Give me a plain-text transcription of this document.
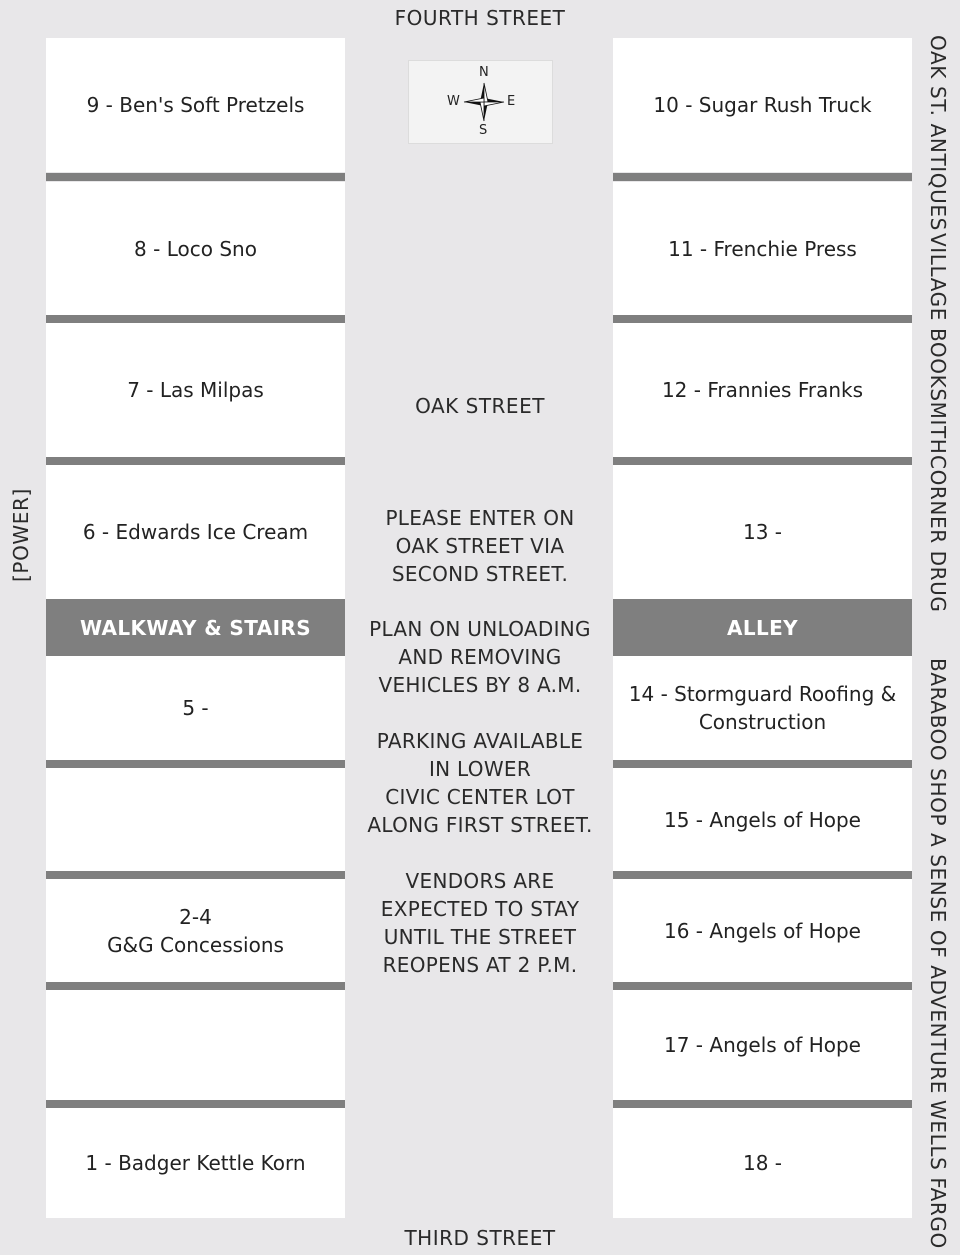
FOURTH STREET
THIRD STREET
OAK STREET
[POWER]
N
S
E
W
9 - Ben's Soft Pretzels
8 - Loco Sno
7 - Las Milpas
6 - Edwards Ice Cream
WALKWAY & STAIRS
5 -
2-4
G&G Concessions
1 - Badger Kettle Korn
10 - Sugar Rush Truck
11 - Frenchie Press
12 - Frannies Franks
13 -
ALLEY
14 - Stormguard Roofing &
Construction
15 - Angels of Hope
16 - Angels of Hope
17 - Angels of Hope
18 -
PLEASE ENTER ON
OAK STREET VIA
SECOND STREET.
PLAN ON UNLOADING
AND REMOVING
VEHICLES BY 8 A.M.
PARKING AVAILABLE
IN LOWER
CIVIC CENTER LOT
ALONG FIRST STREET.
VENDORS ARE
EXPECTED TO STAY
UNTIL THE STREET
REOPENS AT 2 P.M.
OAK ST. ANTIQUES
VILLAGE BOOKSMITH
CORNER DRUG
BARABOO SHOP
A SENSE OF ADVENTURE
WELLS FARGO
